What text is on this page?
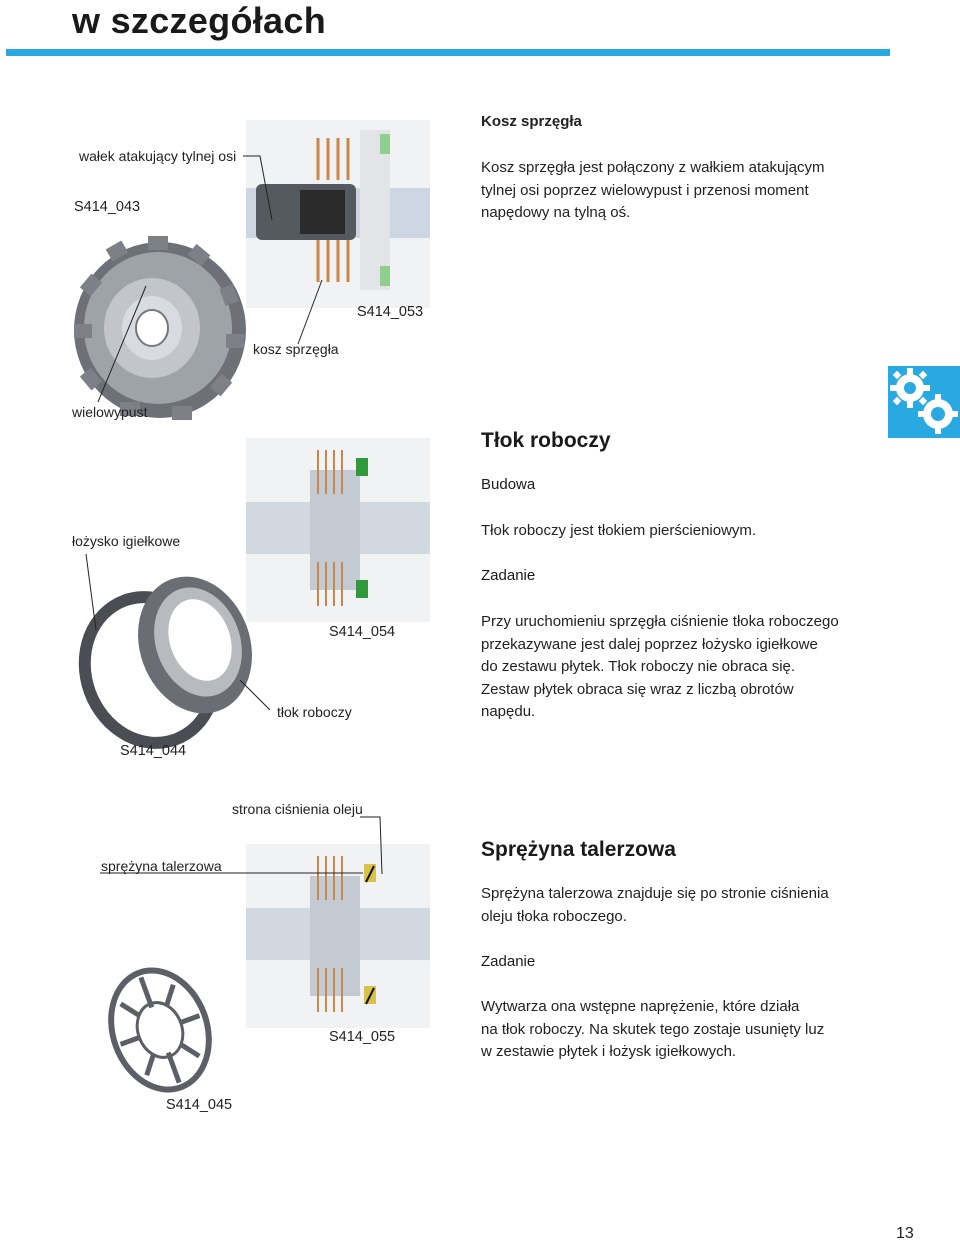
w szczegółach
wałek atakujący tylnej osi
S414_043
S414_053
kosz sprzęgła
wielowypust
Kosz sprzęgła
Kosz sprzęgła jest połączony z wałkiem atakującym
tylnej osi poprzez wielowypust i przenosi moment
napędowy na tylną oś.
Tłok roboczy
Budowa
Tłok roboczy jest tłokiem pierścieniowym.
Zadanie
Przy uruchomieniu sprzęgła ciśnienie tłoka roboczego
przekazywane jest dalej poprzez łożysko igiełkowe
do zestawu płytek. Tłok roboczy nie obraca się.
Zestaw płytek obraca się wraz z liczbą obrotów
napędu.
łożysko igiełkowe
S414_054
tłok roboczy
S414_044
Sprężyna talerzowa
Sprężyna talerzowa znajduje się po stronie ciśnienia
oleju tłoka roboczego.
Zadanie
Wytwarza ona wstępne naprężenie, które działa
na tłok roboczy. Na skutek tego zostaje usunięty luz
w zestawie płytek i łożysk igiełkowych.
strona ciśnienia oleju
sprężyna talerzowa
S414_055
S414_045
13
